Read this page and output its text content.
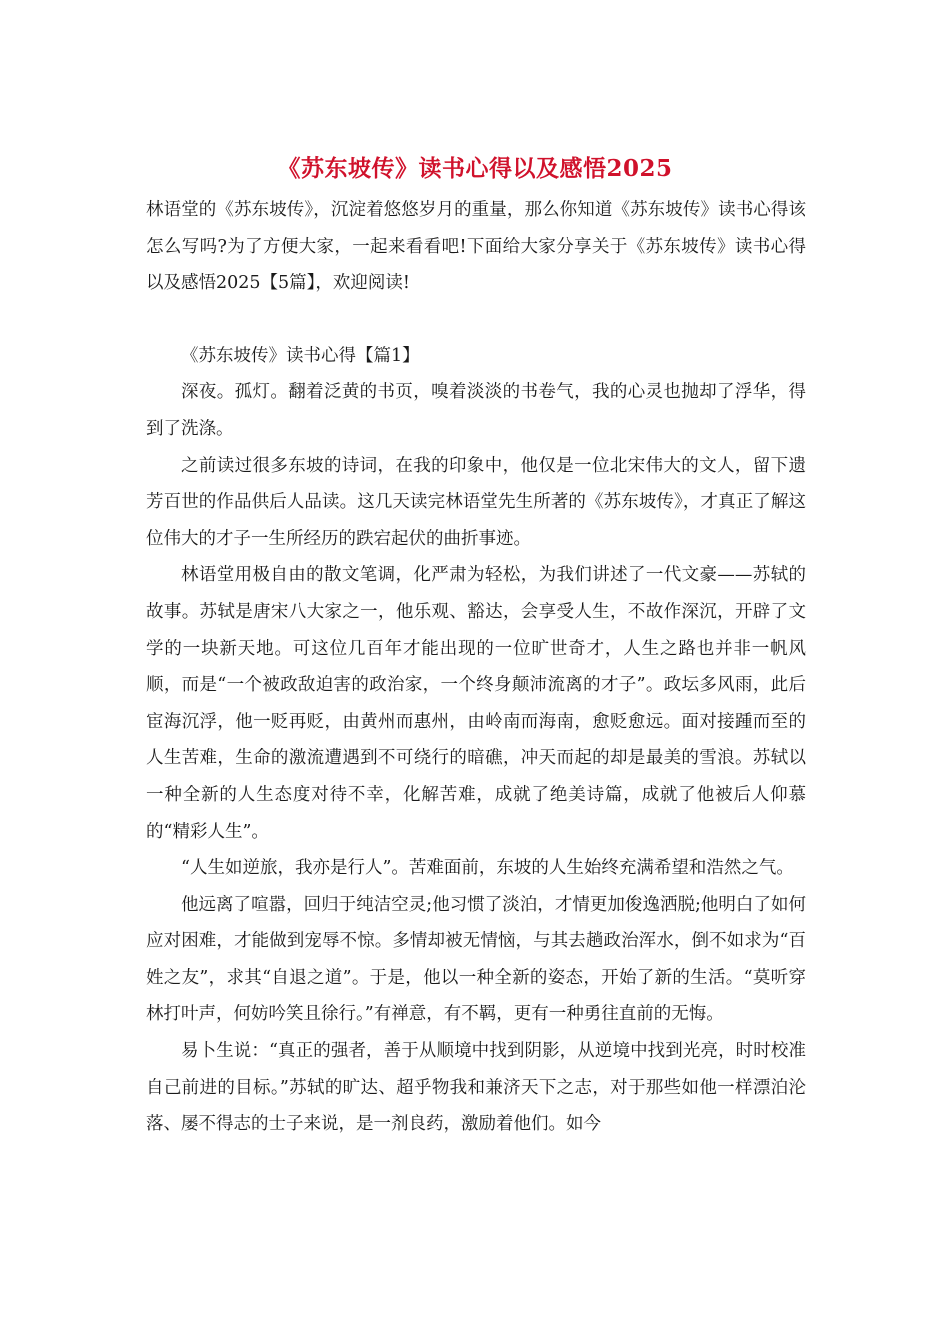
《苏东坡传》读书心得以及感悟2025

林语堂的《苏东坡传》，沉淀着悠悠岁月的重量，那么你知道《苏东坡传》读书心得该怎么写吗?为了方便大家，一起来看看吧!下面给大家分享关于《苏东坡传》读书心得以及感悟2025【5篇】，欢迎阅读!

《苏东坡传》读书心得【篇1】

深夜。孤灯。翻着泛黄的书页，嗅着淡淡的书卷气，我的心灵也抛却了浮华，得到了洗涤。

之前读过很多东坡的诗词，在我的印象中，他仅是一位北宋伟大的文人，留下遗芳百世的作品供后人品读。这几天读完林语堂先生所著的《苏东坡传》，才真正了解这位伟大的才子一生所经历的跌宕起伏的曲折事迹。

林语堂用极自由的散文笔调，化严肃为轻松，为我们讲述了一代文豪——苏轼的故事。苏轼是唐宋八大家之一，他乐观、豁达，会享受人生，不故作深沉，开辟了文学的一块新天地。可这位几百年才能出现的一位旷世奇才，人生之路也并非一帆风顺，而是“一个被政敌迫害的政治家，一个终身颠沛流离的才子”。政坛多风雨，此后宦海沉浮，他一贬再贬，由黄州而惠州，由岭南而海南，愈贬愈远。面对接踵而至的人生苦难，生命的激流遭遇到不可绕行的暗礁，冲天而起的却是最美的雪浪。苏轼以一种全新的人生态度对待不幸，化解苦难，成就了绝美诗篇，成就了他被后人仰慕的“精彩人生”。

“人生如逆旅，我亦是行人”。苦难面前，东坡的人生始终充满希望和浩然之气。

他远离了喧嚣，回归于纯洁空灵;他习惯了淡泊，才情更加俊逸洒脱;他明白了如何应对困难，才能做到宠辱不惊。多情却被无情恼，与其去趟政治浑水，倒不如求为“百姓之友”，求其“自退之道”。于是，他以一种全新的姿态，开始了新的生活。“莫听穿林打叶声，何妨吟笑且徐行。”有禅意，有不羁，更有一种勇往直前的无悔。

易卜生说：“真正的强者，善于从顺境中找到阴影，从逆境中找到光亮，时时校准自己前进的目标。”苏轼的旷达、超乎物我和兼济天下之志，对于那些如他一样漂泊沦落、屡不得志的士子来说，是一剂良药，激励着他们。如今
